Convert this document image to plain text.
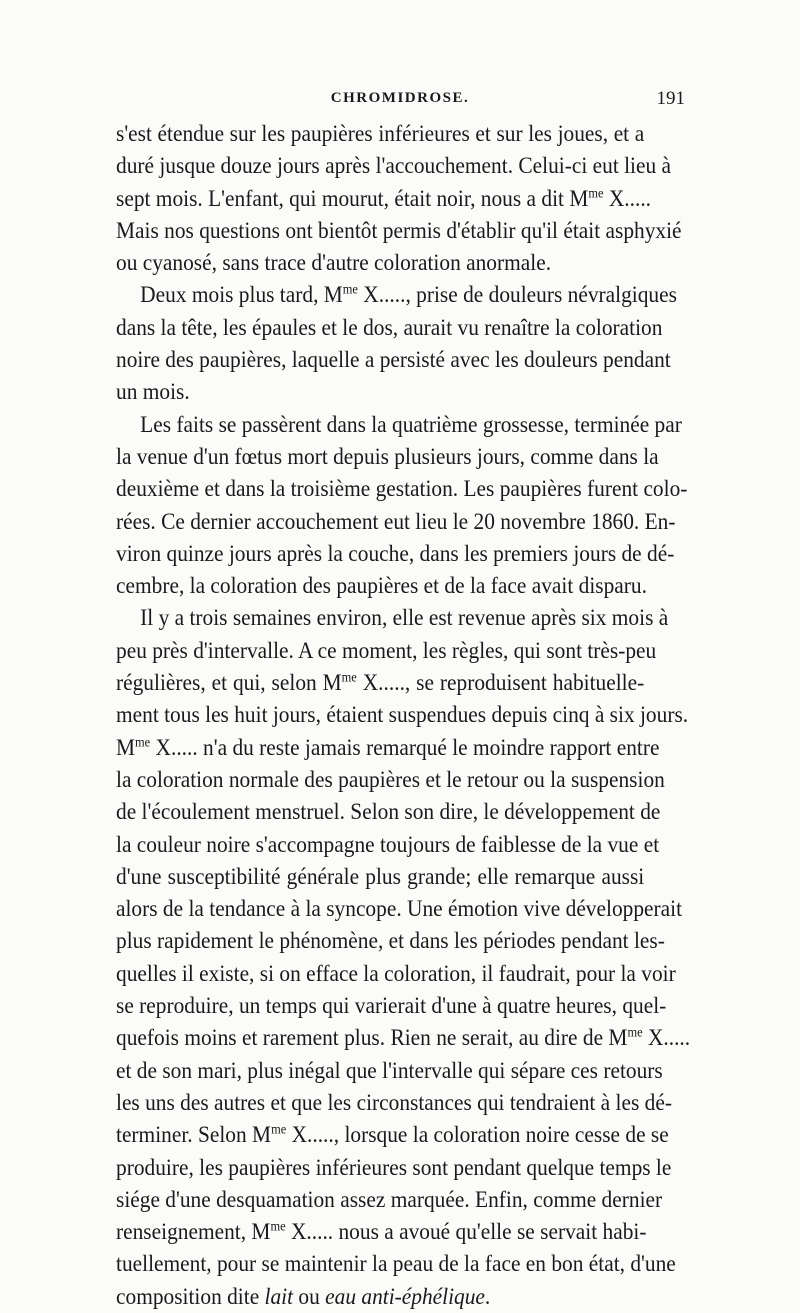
CHROMIDROSE.	191
s'est étendue sur les paupières inférieures et sur les joues, et a
duré jusque douze jours après l'accouchement. Celui-ci eut lieu à
sept mois. L'enfant, qui mourut, était noir, nous a dit $M^{me}$ X.....
Mais nos questions ont bientôt permis d'établir qu'il était asphyxié
ou cyanosé, sans trace d'autre coloration anormale.
Deux mois plus tard, $M^{me}$ X....., prise de douleurs névralgiques
dans la tête, les épaules et le dos, aurait vu renaître la coloration
noire des paupières, laquelle a persisté avec les douleurs pendant
un mois.
Les faits se passèrent dans la quatrième grossesse, terminée par
la venue d'un fœtus mort depuis plusieurs jours, comme dans la
deuxième et dans la troisième gestation. Les paupières furent colo-
rées. Ce dernier accouchement eut lieu le 20 novembre 1860. En-
viron quinze jours après la couche, dans les premiers jours de dé-
cembre, la coloration des paupières et de la face avait disparu.
Il y a trois semaines environ, elle est revenue après six mois à
peu près d'intervalle. A ce moment, les règles, qui sont très-peu
régulières, et qui, selon $M^{me}$ X....., se reproduisent habituelle-
ment tous les huit jours, étaient suspendues depuis cinq à six jours.
$M^{me}$ X..... n'a du reste jamais remarqué le moindre rapport entre
la coloration normale des paupières et le retour ou la suspension
de l'écoulement menstruel. Selon son dire, le développement de
la couleur noire s'accompagne toujours de faiblesse de la vue et
d'une susceptibilité générale plus grande; elle remarque aussi
alors de la tendance à la syncope. Une émotion vive développerait
plus rapidement le phénomène, et dans les périodes pendant les-
quelles il existe, si on efface la coloration, il faudrait, pour la voir
se reproduire, un temps qui varierait d'une à quatre heures, quel-
quefois moins et rarement plus. Rien ne serait, au dire de $M^{me}$ X.....
et de son mari, plus inégal que l'intervalle qui sépare ces retours
les uns des autres et que les circonstances qui tendraient à les dé-
terminer. Selon $M^{me}$ X....., lorsque la coloration noire cesse de se
produire, les paupières inférieures sont pendant quelque temps le
siége d'une desquamation assez marquée. Enfin, comme dernier
renseignement, $M^{me}$ X..... nous a avoué qu'elle se servait habi-
tuellement, pour se maintenir la peau de la face en bon état, d'une
composition dite lait ou eau anti-éphélique.
